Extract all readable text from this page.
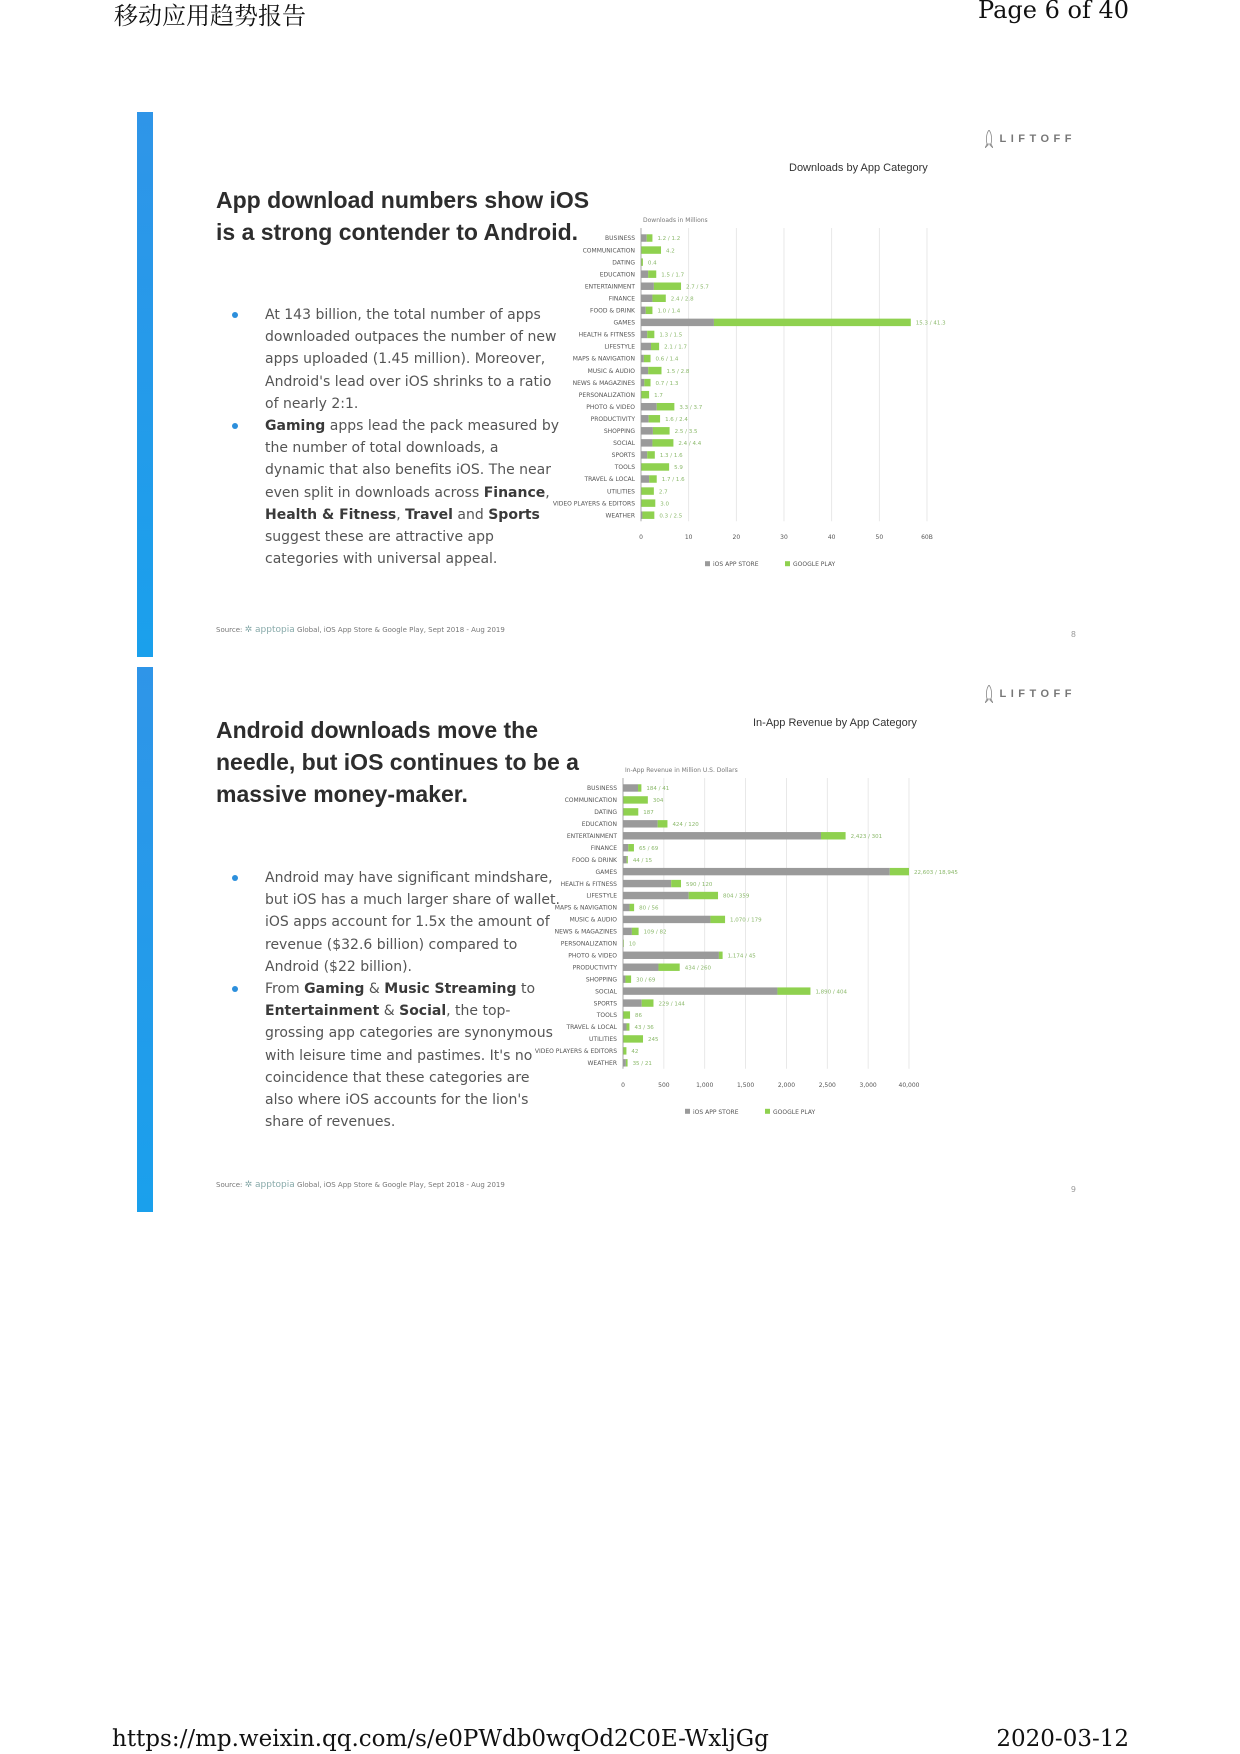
移动应用趋势报告	Page 6 of 40
LIFTOFF
App download numbers show iOS is a strong contender to Android.
At 143 billion, the total number of apps downloaded outpaces the number of new apps uploaded (1.45 million). Moreover, Android's lead over iOS shrinks to a ratio of nearly 2:1.
Gaming apps lead the pack measured by the number of total downloads, a dynamic that also benefits iOS. The near even split in downloads across Finance, Health & Fitness, Travel and Sports suggest these are attractive app categories with universal appeal.
Source: ✲ apptopia Global, iOS App Store & Google Play, Sept 2018 - Aug 2019	8
Downloads by App Category
Downloads in Millions
0	10	20	30	40	50	60B
BUSINESS	1.2 / 1.2
COMMUNICATION	4.2
DATING 0.4
EDUCATION	1.5 / 1.7
ENTERTAINMENT	2.7 / 5.7
FINANCE	2.4 / 2.8
FOOD & DRINK	1.0 / 1.4
GAMES	15.3 / 41.3
HEALTH & FITNESS	1.3 / 1.5
LIFESTYLE	2.1 / 1.7
MAPS & NAVIGATION	0.6 / 1.4
MUSIC & AUDIO	1.5 / 2.8
NEWS & MAGAZINES	0.7 / 1.3
PERSONALIZATION	1.7
PHOTO & VIDEO	3.3 / 3.7
PRODUCTIVITY	1.6 / 2.4
SHOPPING	2.5 / 3.5
SOCIAL	2.4 / 4.4
SPORTS	1.3 / 1.6
TOOLS	5.9
TRAVEL & LOCAL	1.7 / 1.6
UTILITIES	2.7
VIDEO PLAYERS & EDITORS	3.0
WEATHER	0.3 / 2.5
iOS APP STORE	GOOGLE PLAY
LIFTOFF
Android downloads move the needle, but iOS continues to be a massive money-maker.
Android may have significant mindshare, but iOS has a much larger share of wallet. iOS apps account for 1.5x the amount of revenue ($32.6 billion) compared to Android ($22 billion).
From Gaming & Music Streaming to Entertainment & Social, the top-grossing app categories are synonymous with leisure time and pastimes. It's no coincidence that these categories are also where iOS accounts for the lion's share of revenues.
Source: ✲ apptopia Global, iOS App Store & Google Play, Sept 2018 - Aug 2019	9
In-App Revenue by App Category
In-App Revenue in Million U.S. Dollars
0	500	1,000	1,500	2,000	2,500	3,000	40,000
BUSINESS	184 / 41
COMMUNICATION	304
DATING	187
EDUCATION	424 / 120
ENTERTAINMENT	2,423 / 301
FINANCE	65 / 69
FOOD & DRINK	44 / 15
GAMES	22,603 / 18,945
HEALTH & FITNESS	590 / 120
LIFESTYLE	804 / 359
MAPS & NAVIGATION	80 / 56
MUSIC & AUDIO	1,070 / 179
NEWS & MAGAZINES	109 / 82
PERSONALIZATION 10
PHOTO & VIDEO	1,174 / 45
PRODUCTIVITY	434 / 260
SHOPPING	30 / 69
SOCIAL	1,890 / 404
SPORTS	229 / 144
TOOLS	86
TRAVEL & LOCAL	43 / 36
UTILITIES	245
VIDEO PLAYERS & EDITORS	42
WEATHER	35 / 21
iOS APP STORE	GOOGLE PLAY
https://mp.weixin.qq.com/s/e0PWdb0wqOd2C0E-WxljGg	2020-03-12
